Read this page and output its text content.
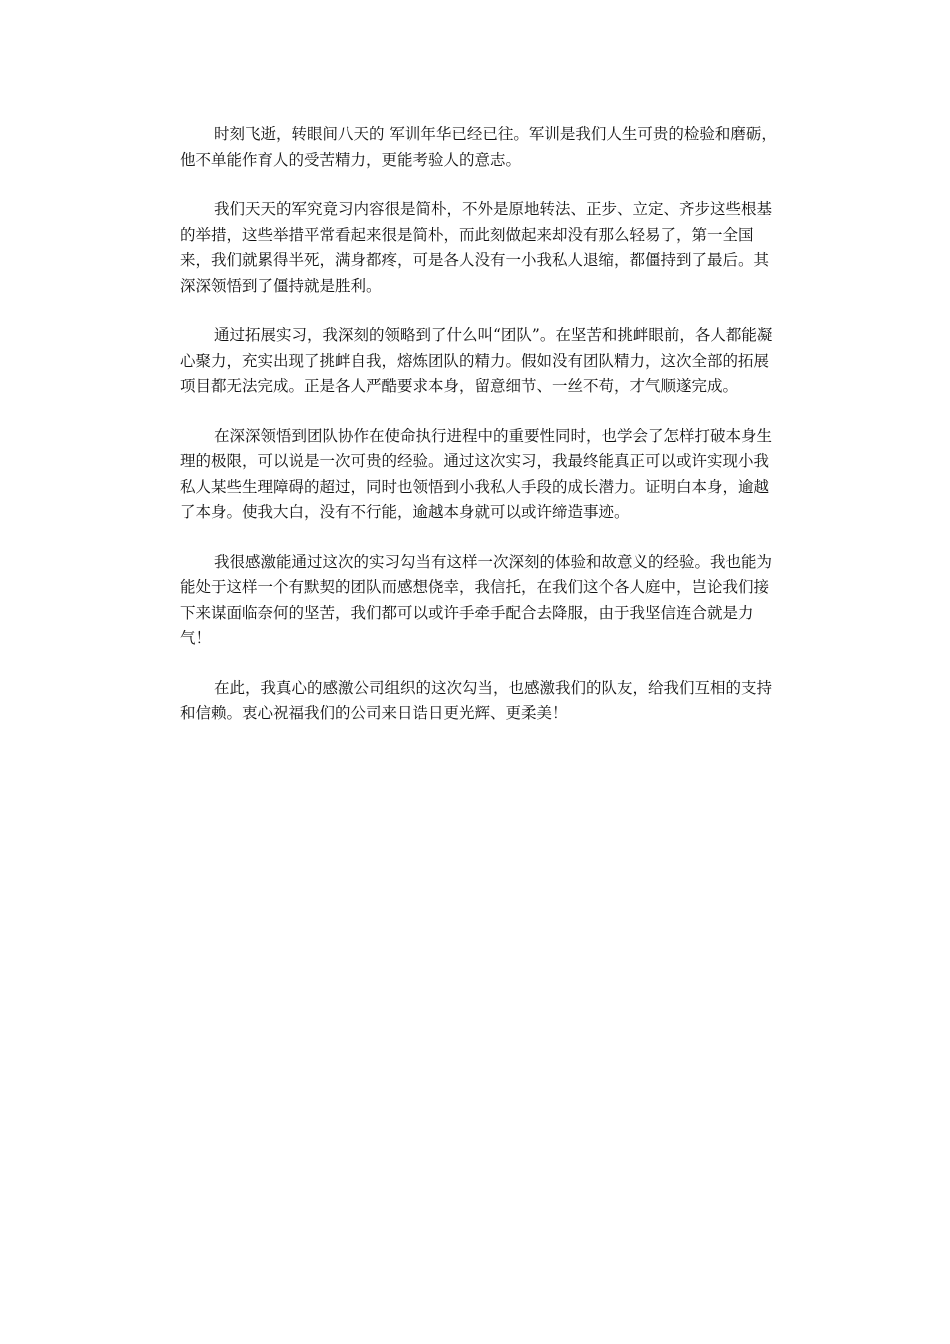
时刻飞逝，转眼间八天的 军训年华已经已往。军训是我们人生可贵的检验和磨砺，他不单能作育人的受苦精力，更能考验人的意志。

我们天天的军究竟习内容很是简朴，不外是原地转法、正步、立定、齐步这些根基的举措，这些举措平常看起来很是简朴，而此刻做起来却没有那么轻易了，第一全国来，我们就累得半死，满身都疼，可是各人没有一小我私人退缩，都僵持到了最后。其深深领悟到了僵持就是胜利。

通过拓展实习，我深刻的领略到了什么叫“团队”。在坚苦和挑衅眼前，各人都能凝心聚力，充实出现了挑衅自我，熔炼团队的精力。假如没有团队精力，这次全部的拓展项目都无法完成。正是各人严酷要求本身，留意细节、一丝不苟，才气顺遂完成。

在深深领悟到团队协作在使命执行进程中的重要性同时，也学会了怎样打破本身生理的极限，可以说是一次可贵的经验。通过这次实习，我最终能真正可以或许实现小我私人某些生理障碍的超过，同时也领悟到小我私人手段的成长潜力。证明白本身，逾越了本身。使我大白，没有不行能，逾越本身就可以或许缔造事迹。

我很感激能通过这次的实习勾当有这样一次深刻的体验和故意义的经验。我也能为能处于这样一个有默契的团队而感想侥幸，我信托，在我们这个各人庭中，岂论我们接下来谋面临奈何的坚苦，我们都可以或许手牵手配合去降服，由于我坚信连合就是力气！

在此，我真心的感激公司组织的这次勾当，也感激我们的队友，给我们互相的支持和信赖。衷心祝福我们的公司来日诰日更光辉、更柔美！
